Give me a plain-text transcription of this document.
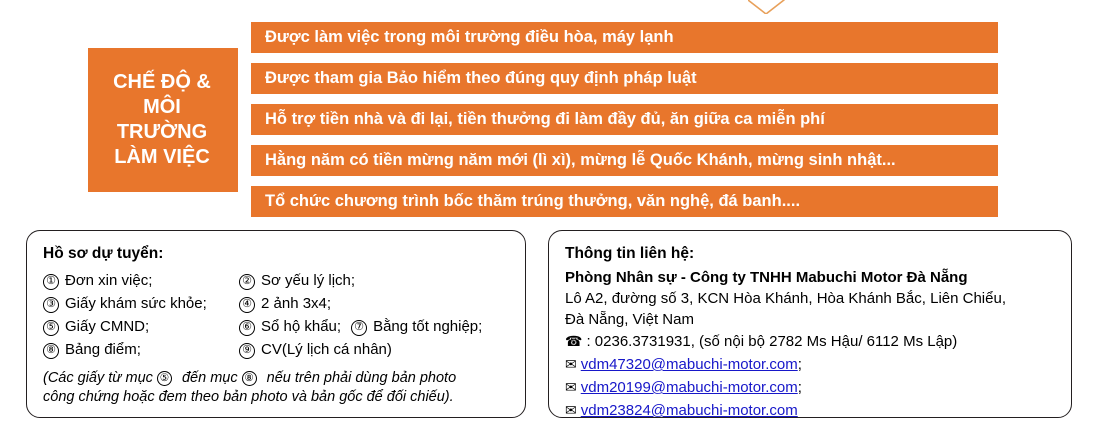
CHẾ ĐỘ &
MÔI
TRƯỜNG
LÀM VIỆC
Được làm việc trong môi trường điều hòa, máy lạnh
Được tham gia Bảo hiểm theo đúng quy định pháp luật
Hỗ trợ tiền nhà và đi lại, tiền thưởng đi làm đầy đủ, ăn giữa ca miễn phí
Hằng năm có tiền mừng năm mới (lì xì), mừng lễ Quốc Khánh, mừng sinh nhật...
Tổ chức chương trình bốc thăm trúng thưởng, văn nghệ, đá banh....
Hồ sơ dự tuyển:
① Đơn xin việc;	② Sơ yếu lý lịch;
③ Giấy khám sức khỏe;	④ 2 ảnh 3x4;
⑤ Giấy CMND;	⑥ Sổ hộ khẩu; ⑦ Bằng tốt nghiệp;
⑧ Bảng điểm;	⑨ CV(Lý lịch cá nhân)
(Các giấy từ mục ⑤ đến mục ⑧ nếu trên phải dùng bản photo
công chứng hoặc đem theo bản photo và bản gốc để đối chiếu).
Thông tin liên hệ:
Phòng Nhân sự - Công ty TNHH Mabuchi Motor Đà Nẵng
Lô A2, đường số 3, KCN Hòa Khánh, Hòa Khánh Bắc, Liên Chiểu,
Đà Nẵng, Việt Nam
☎ : 0236.3731931, (số nội bộ 2782 Ms Hậu/ 6112 Ms Lập)
✉ vdm47320@mabuchi-motor.com ;
✉ vdm20199@mabuchi-motor.com ;
✉ vdm23824@mabuchi-motor.com
